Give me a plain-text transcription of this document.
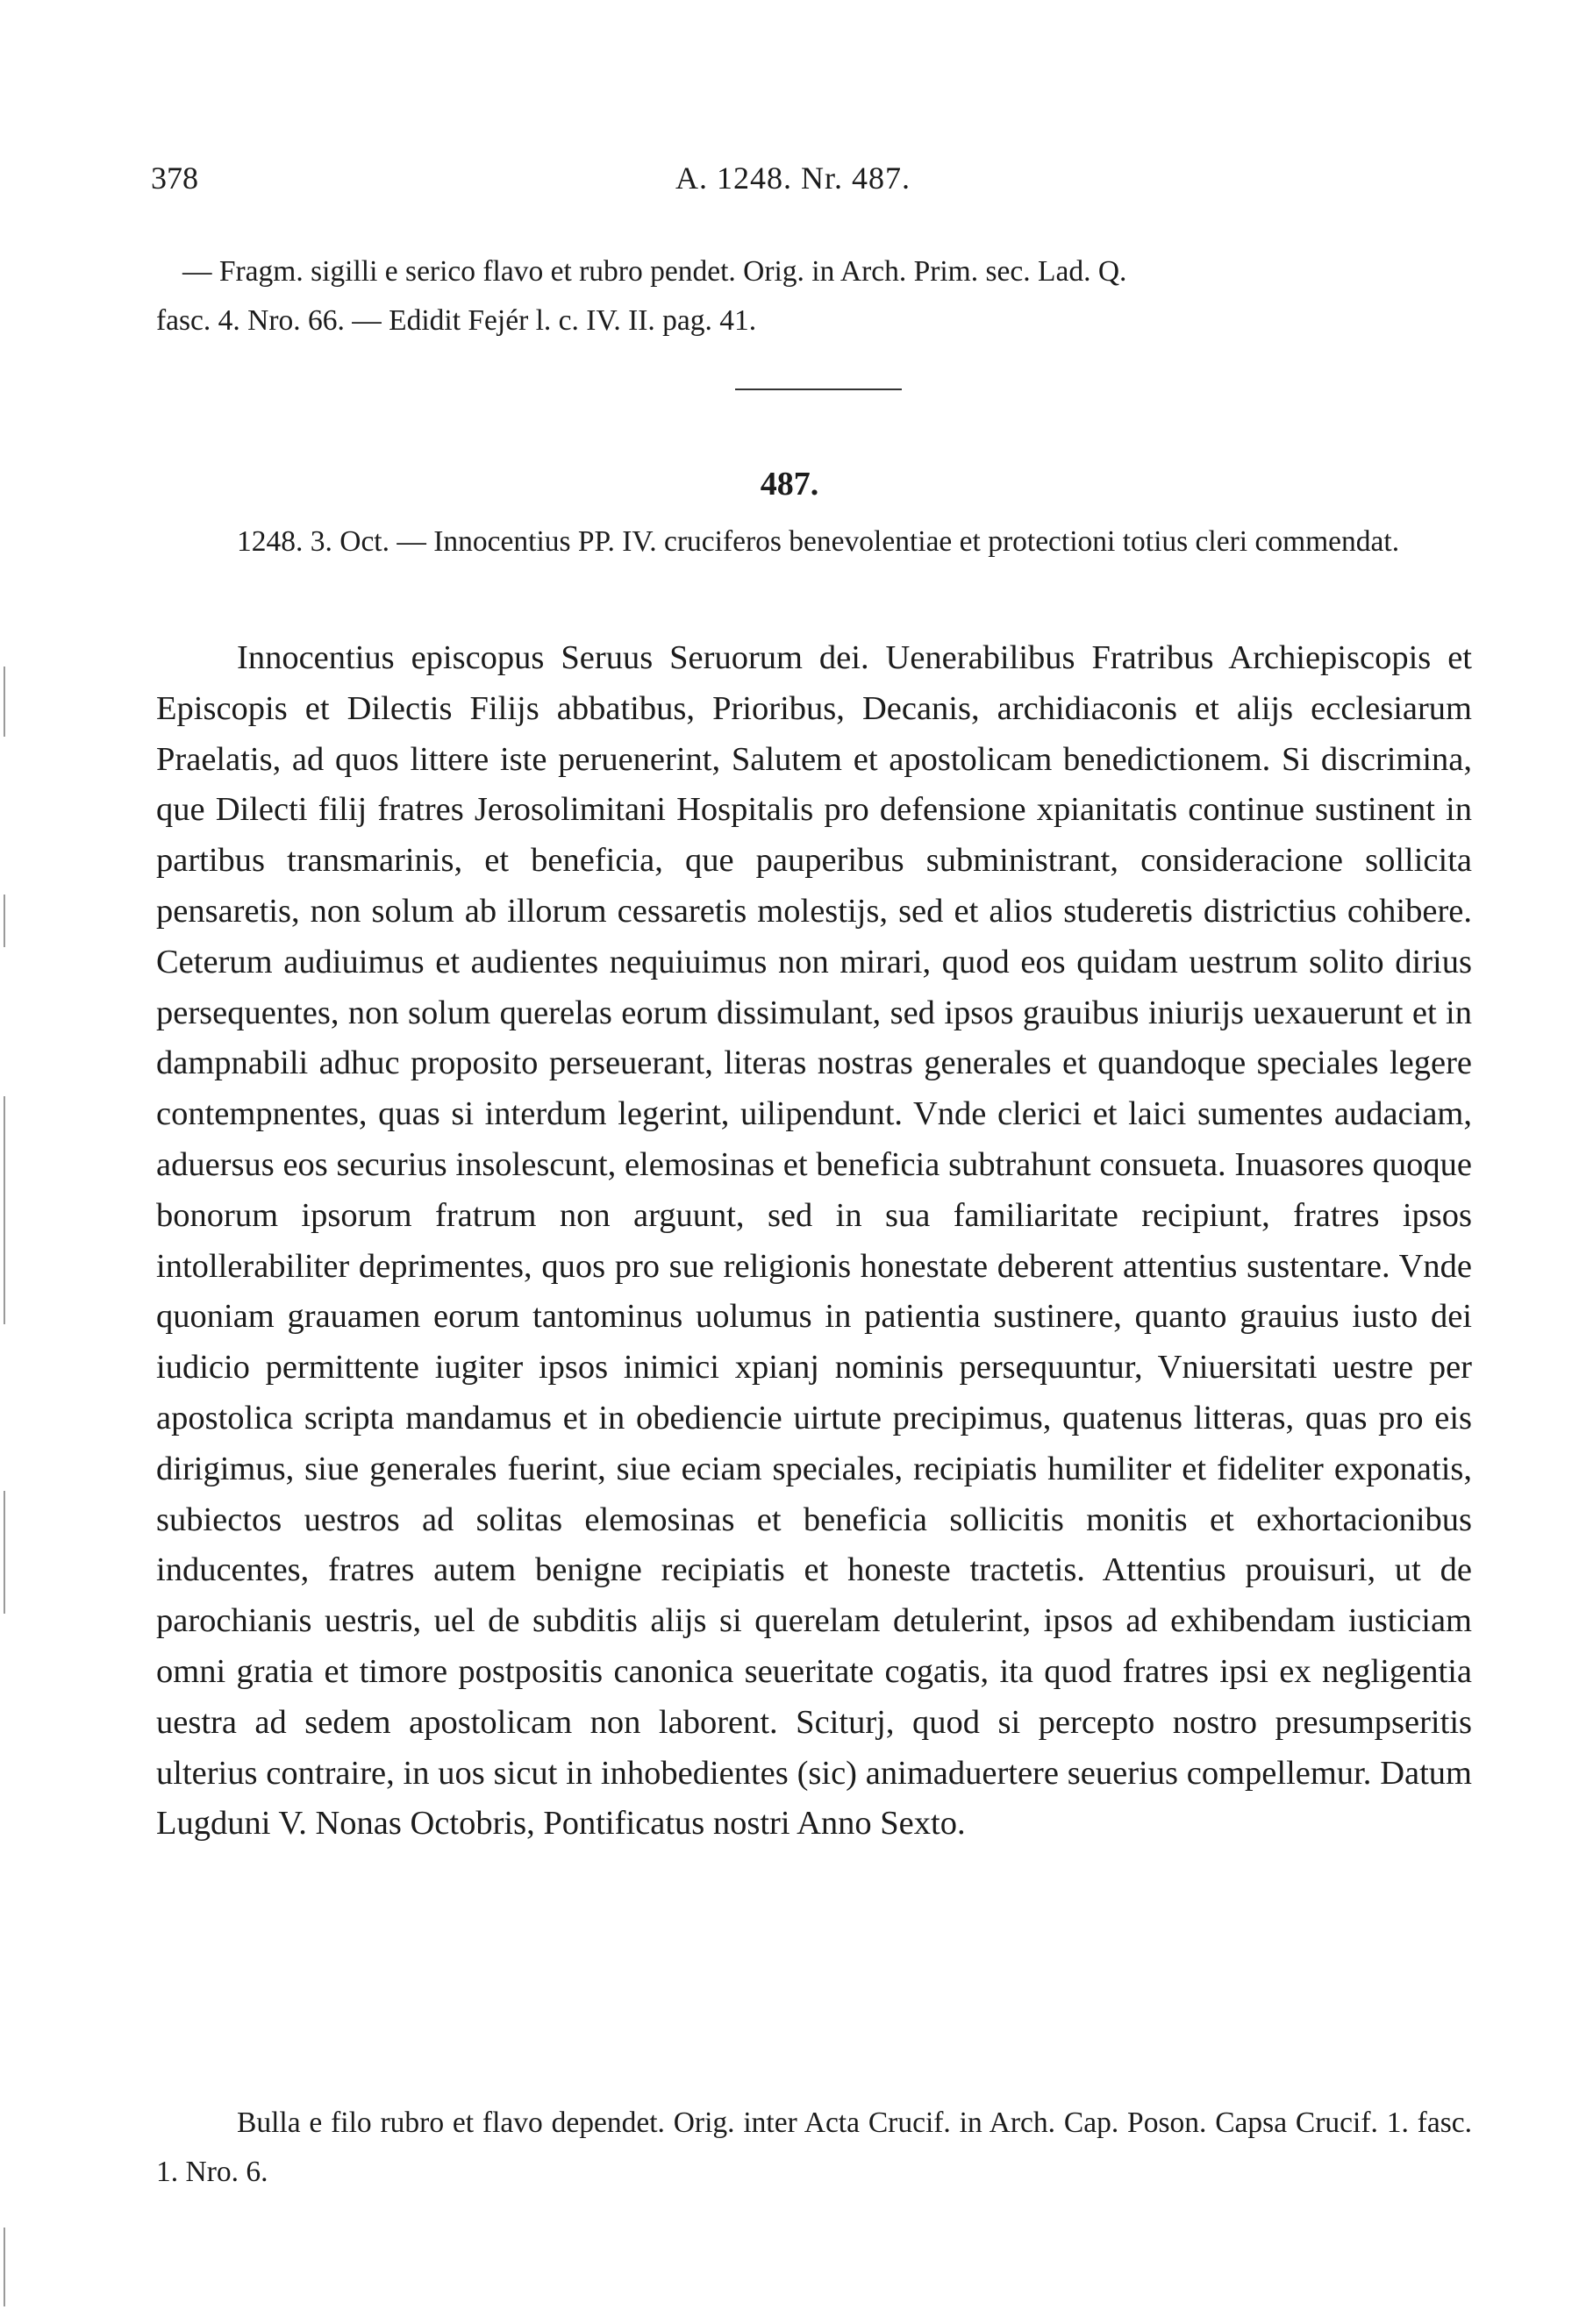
378	A. 1248. Nr. 487.

— Fragm. sigilli e serico flavo et rubro pendet. Orig. in Arch. Prim. sec. Lad. Q.

fasc. 4. Nro. 66. — Edidit Fejér l. c. IV. II. pag. 41.

487.

1248. 3. Oct. — Innocentius PP. IV. cruciferos benevolentiae et protectioni totius cleri commendat.

Innocentius episcopus Seruus Seruorum dei. Uenerabilibus Fratribus Archiepiscopis et Episcopis et Dilectis Filijs abbatibus, Prioribus, Decanis, archidiaconis et alijs ecclesiarum Praelatis, ad quos littere iste peruenerint, Salutem et apostolicam benedictionem. Si discrimina, que Dilecti filij fratres Jerosolimitani Hospitalis pro defensione xpianitatis continue sustinent in partibus transmarinis, et beneficia, que pauperibus subministrant, consideracione sollicita pensaretis, non solum ab illorum cessaretis molestijs, sed et alios studeretis districtius cohibere. Ceterum audiuimus et audientes nequiuimus non mirari, quod eos quidam uestrum solito dirius persequentes, non solum querelas eorum dissimulant, sed ipsos grauibus iniurijs uexauerunt et in dampnabili adhuc proposito perseuerant, literas nostras generales et quandoque speciales legere contempnentes, quas si interdum legerint, uilipendunt. Vnde clerici et laici sumentes audaciam, aduersus eos securius insolescunt, elemosinas et beneficia subtrahunt consueta. Inuasores quoque bonorum ipsorum fratrum non arguunt, sed in sua familiaritate recipiunt, fratres ipsos intollerabiliter deprimentes, quos pro sue religionis honestate deberent attentius sustentare. Vnde quoniam grauamen eorum tantominus uolumus in patientia sustinere, quanto grauius iusto dei iudicio permittente iugiter ipsos inimici xpianj nominis persequuntur, Vniuersitati uestre per apostolica scripta mandamus et in obediencie uirtute precipimus, quatenus litteras, quas pro eis dirigimus, siue generales fuerint, siue eciam speciales, recipiatis humiliter et fideliter exponatis, subiectos uestros ad solitas elemosinas et beneficia sollicitis monitis et exhortacionibus inducentes, fratres autem benigne recipiatis et honeste tractetis. Attentius prouisuri, ut de parochianis uestris, uel de subditis alijs si querelam detulerint, ipsos ad exhibendam iusticiam omni gratia et timore postpositis canonica seueritate cogatis, ita quod fratres ipsi ex negligentia uestra ad sedem apostolicam non laborent. Sciturj, quod si percepto nostro presumpseritis ulterius contraire, in uos sicut in inhobedientes (sic) animaduertere seuerius compellemur. Datum Lugduni V. Nonas Octobris, Pontificatus nostri Anno Sexto.

Bulla e filo rubro et flavo dependet. Orig. inter Acta Crucif. in Arch. Cap. Poson. Capsa Crucif. 1. fasc. 1. Nro. 6.
